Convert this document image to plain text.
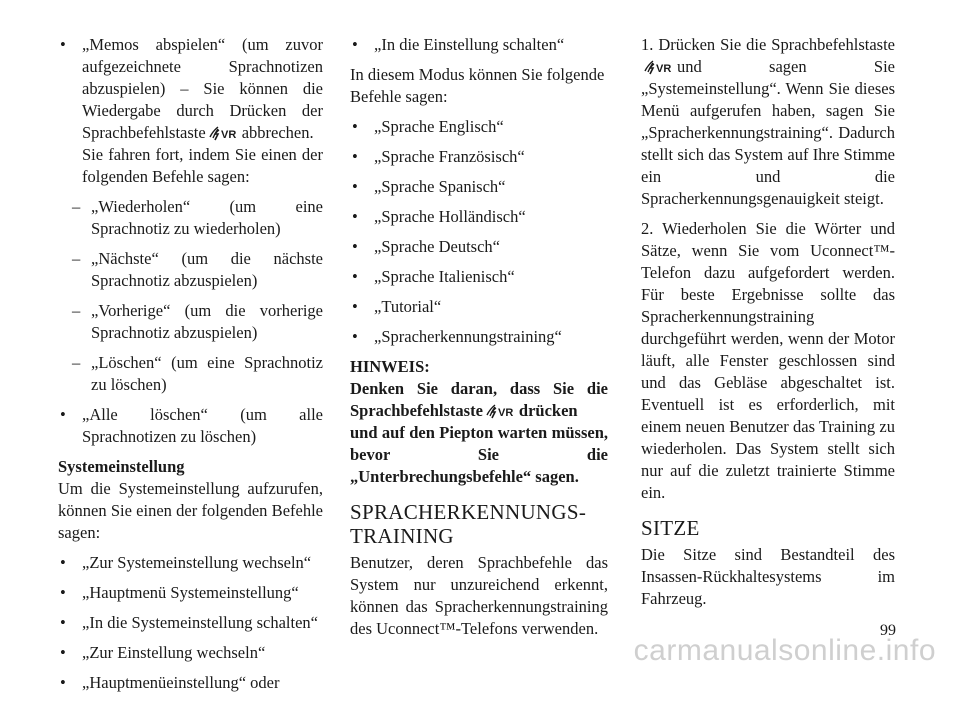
• „Memos abspielen“ (um zuvor aufgezeichnete Sprachnotizen abzuspielen) – Sie können die Wiedergabe durch Drücken der Sprachbefehlstaste VR abbrechen. Sie fahren fort, indem Sie einen der folgenden Befehle sagen:

– „Wiederholen“ (um eine Sprachnotiz zu wiederholen)

– „Nächste“ (um die nächste Sprachnotiz abzuspielen)

– „Vorherige“ (um die vorherige Sprachnotiz abzuspielen)

– „Löschen“ (um eine Sprachnotiz zu löschen)

• „Alle löschen“ (um alle Sprachnotizen zu löschen)

Systemeinstellung

Um die Systemeinstellung aufzurufen, können Sie einen der folgenden Befehle sagen:

• „Zur Systemeinstellung wechseln“

• „Hauptmenü Systemeinstellung“

• „In die Systemeinstellung schalten“

• „Zur Einstellung wechseln“

• „Hauptmenüeinstellung“ oder

• „In die Einstellung schalten“

In diesem Modus können Sie folgende Befehle sagen:

• „Sprache Englisch“

• „Sprache Französisch“

• „Sprache Spanisch“

• „Sprache Holländisch“

• „Sprache Deutsch“

• „Sprache Italienisch“

• „Tutorial“

• „Spracherkennungstraining“

HINWEIS:

Denken Sie daran, dass Sie die Sprachbefehlstaste VR drücken und auf den Piepton warten müssen, bevor Sie die „Unterbrechungsbefehle“ sagen.

SPRACHERKENNUNGS-
TRAINING

Benutzer, deren Sprachbefehle das System nur unzureichend erkennt, können das Spracherkennungstraining des Uconnect™-Telefons verwenden.

1. Drücken Sie die Sprachbefehlstaste
VR und sagen Sie „Systemeinstellung“. Wenn Sie dieses Menü aufgerufen haben, sagen Sie „Spracherkennungstraining“. Dadurch stellt sich das System auf Ihre Stimme ein und die Spracherkennungsgenauigkeit steigt.

2. Wiederholen Sie die Wörter und Sätze, wenn Sie vom Uconnect™-Telefon dazu aufgefordert werden. Für beste Ergebnisse sollte das Spracherkennungstraining durchgeführt werden, wenn der Motor läuft, alle Fenster geschlossen sind und das Gebläse abgeschaltet ist. Eventuell ist es erforderlich, mit einem neuen Benutzer das Training zu wiederholen. Das System stellt sich nur auf die zuletzt trainierte Stimme ein.

SITZE

Die Sitze sind Bestandteil des Insassen-Rückhaltesystems im Fahrzeug.

99
carmanualsonline.info
